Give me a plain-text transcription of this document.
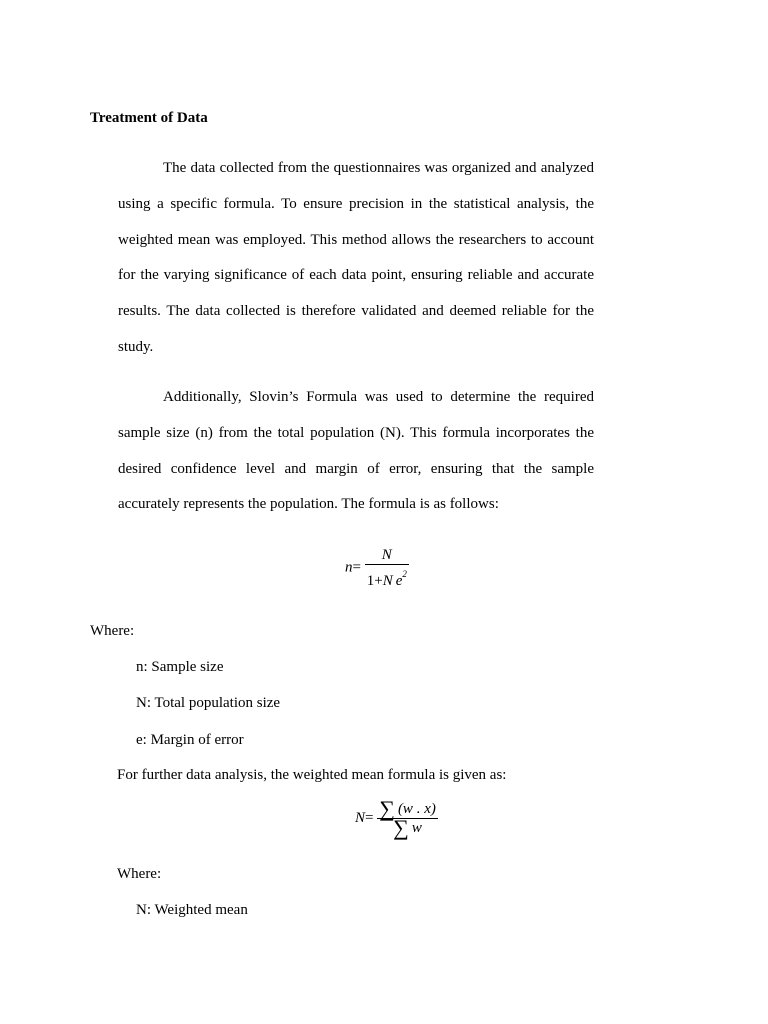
Treatment of Data

The data collected from the questionnaires was organized and analyzed using a specific formula. To ensure precision in the statistical analysis, the weighted mean was employed. This method allows the researchers to account for the varying significance of each data point, ensuring reliable and accurate results. The data collected is therefore validated and deemed reliable for the study.

Additionally, Slovin’s Formula was used to determine the required sample size (n) from the total population (N). This formula incorporates the desired confidence level and margin of error, ensuring that the sample accurately represents the population. The formula is as follows:

$n= \frac{N}{1+N e^2}$
Where:
n: Sample size
N: Total population size
e: Margin of error
For further data analysis, the weighted mean formula is given as:
$N= \frac{\sum (w . x)}{\sum w}$
Where:
N: Weighted mean
